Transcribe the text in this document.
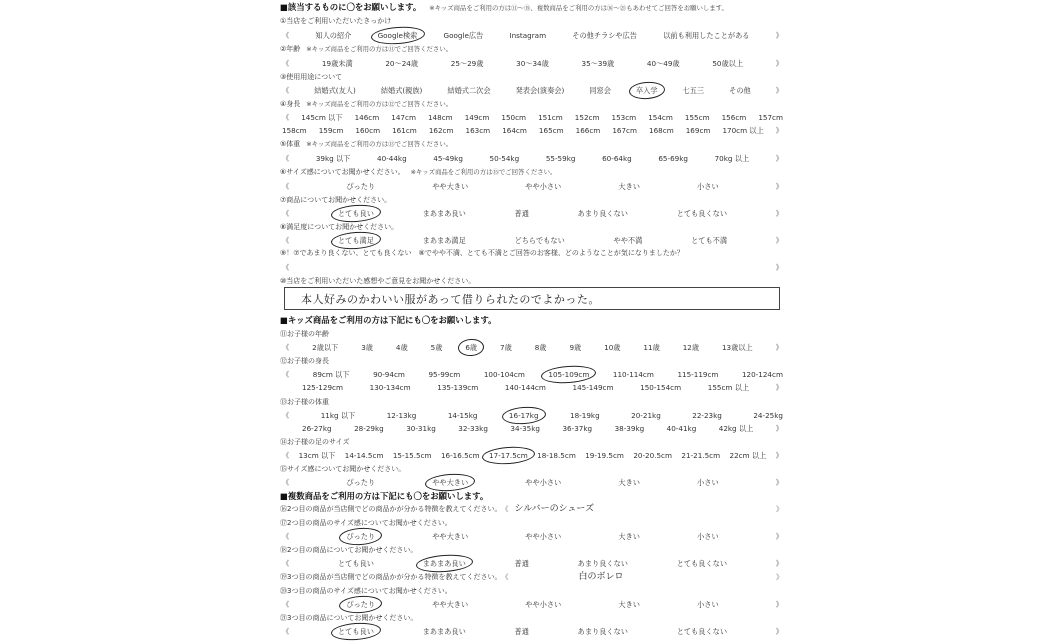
■該当するものに〇をお願いします。 ※キッズ商品をご利用の方は⑪～⑮、複数商品をご利用の方は⑯～㉑もあわせてご回答をお願いします。
①当店をご利用いただいたきっかけ
《	知人の紹介	Google検索	Google広告	Instagram	その他チラシや広告	以前も利用したことがある	》
②年齢 ※キッズ商品をご利用の方は⑪でご回答ください。
《	19歳未満	20～24歳	25～29歳	30～34歳	35～39歳	40～49歳	50歳以上	》
③使用用途について
《	結婚式(友人)	結婚式(親族)	結婚式二次会	発表会(演奏会)	同窓会	卒入学	七五三	その他	》
④身長 ※キッズ商品をご利用の方は⑫でご回答ください。
《 145cm 以下 146cm 147cm 148cm 149cm 150cm 151cm 152cm 153cm 154cm 155cm 156cm 157cm
158cm 159cm 160cm 161cm 162cm 163cm 164cm 165cm 166cm 167cm 168cm 169cm 170cm 以上 》
⑤体重 ※キッズ商品をご利用の方は⑬でご回答ください。
《	39kg 以下	40-44kg	45-49kg	50-54kg	55-59kg	60-64kg	65-69kg	70kg 以上	》
⑥サイズ感についてお聞かせください。 ※キッズ商品をご利用の方は⑮でご回答ください。
《	ぴったり	やや大きい	やや小さい	大きい	小さい	》
⑦商品についてお聞かせください。
《	とても良い	まあまあ良い	普通	あまり良くない	とても良くない	》
⑧満足度についてお聞かせください。
《	とても満足	まあまあ満足	どちらでもない	やや不満	とても不満	》
⑨！⑦であまり良くない、とても良くない　⑧でやや不満、とても不満とご回答のお客様、どのようなことが気になりましたか？
《	》
⑩当店をご利用いただいた感想やご意見をお聞かせください。
本人好みのかわいい服があって借りられたのでよかった。
■キッズ商品をご利用の方は下記にも〇をお願いします。
⑪お子様の年齢
《	2歳以下	3歳	4歳	5歳	6歳	7歳	8歳	9歳	10歳	11歳	12歳	13歳以上	》
⑫お子様の身長
《	89cm 以下	90-94cm	95-99cm	100-104cm	105-109cm	110-114cm	115-119cm	120-124cm
125-129cm	130-134cm	135-139cm	140-144cm	145-149cm	150-154cm	155cm 以上	》
⑬お子様の体重
《	11kg 以下	12-13kg	14-15kg	16-17kg	18-19kg	20-21kg	22-23kg	24-25kg
26-27kg	28-29kg	30-31kg	32-33kg	34-35kg	36-37kg	38-39kg	40-41kg	42kg 以上	》
⑭お子様の足のサイズ
《 13cm 以下 14-14.5cm 15-15.5cm 16-16.5cm 17-17.5cm 18-18.5cm 19-19.5cm 20-20.5cm 21-21.5cm 22cm 以上 》
⑮サイズ感についてお聞かせください。
《	ぴったり	やや大きい	やや小さい	大きい	小さい	》
■複数商品をご利用の方は下記にも〇をお願いします。
⑯2つ目の商品が当店側でどの商品かが分かる特徴を教えてください。 《 シルバーのシューズ	》
⑰2つ目の商品のサイズ感についてお聞かせください。
《	ぴったり	やや大きい	やや小さい	大きい	小さい	》
⑱2つ目の商品についてお聞かせください。
《	とても良い	まあまあ良い	普通	あまり良くない	とても良くない	》
⑲3つ目の商品が当店側でどの商品かが分かる特徴を教えてください。 《	白のボレロ	》
⑳3つ目の商品のサイズ感についてお聞かせください。
《	ぴったり	やや大きい	やや小さい	大きい	小さい	》
㉑3つ目の商品についてお聞かせください。
《	とても良い	まあまあ良い	普通	あまり良くない	とても良くない	》
